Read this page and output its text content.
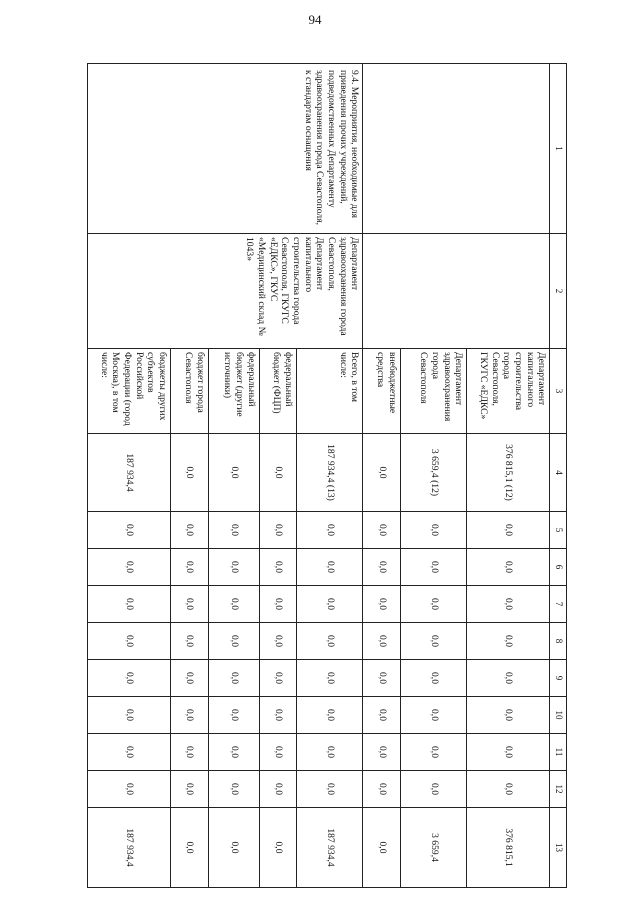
94
1	2	3	4	5	6	7	8	9	10	11	12	13
		Департамент капитального строительства города Севастополя, ГКУГС «ЕДКС»	376 815,1 (12)	0,0	0,0	0,0	0,0	0,0	0,0	0,0	0,0	376 815,1
		Департамент здравоохранения города Севастополя	3 659,4 (12)	0,0	0,0	0,0	0,0	0,0	0,0	0,0	0,0	3 659,4
		внебюджетные средства	0,0	0,0	0,0	0,0	0,0	0,0	0,0	0,0	0,0	0,0
9.4. Мероприятия, необходимые для приведения прочих учреждений, подведомственных Департаменту здравоохранения города Севастополя, к стандартам оснащения	Департамент здравоохранения города Севастополя, Департамент капитального строительства города Севастополя, ГКУГС «ЕДКС», ГКУС «Медицинский склад № 1043»	Всего, в том числе:	187 934,4 (13)	0,0	0,0	0,0	0,0	0,0	0,0	0,0	0,0	187 934,4
		федеральный бюджет (ФЦП)	0,0	0,0	0,0	0,0	0,0	0,0	0,0	0,0	0,0	0,0
		федеральный бюджет (другие источники)	0,0	0,0	0,0	0,0	0,0	0,0	0,0	0,0	0,0	0,0
		бюджет города Севастополя	0,0	0,0	0,0	0,0	0,0	0,0	0,0	0,0	0,0	0,0
		бюджеты других субъектов Российской Федерации (город Москва), в том числе:	187 934,4	0,0	0,0	0,0	0,0	0,0	0,0	0,0	0,0	187 934,4
